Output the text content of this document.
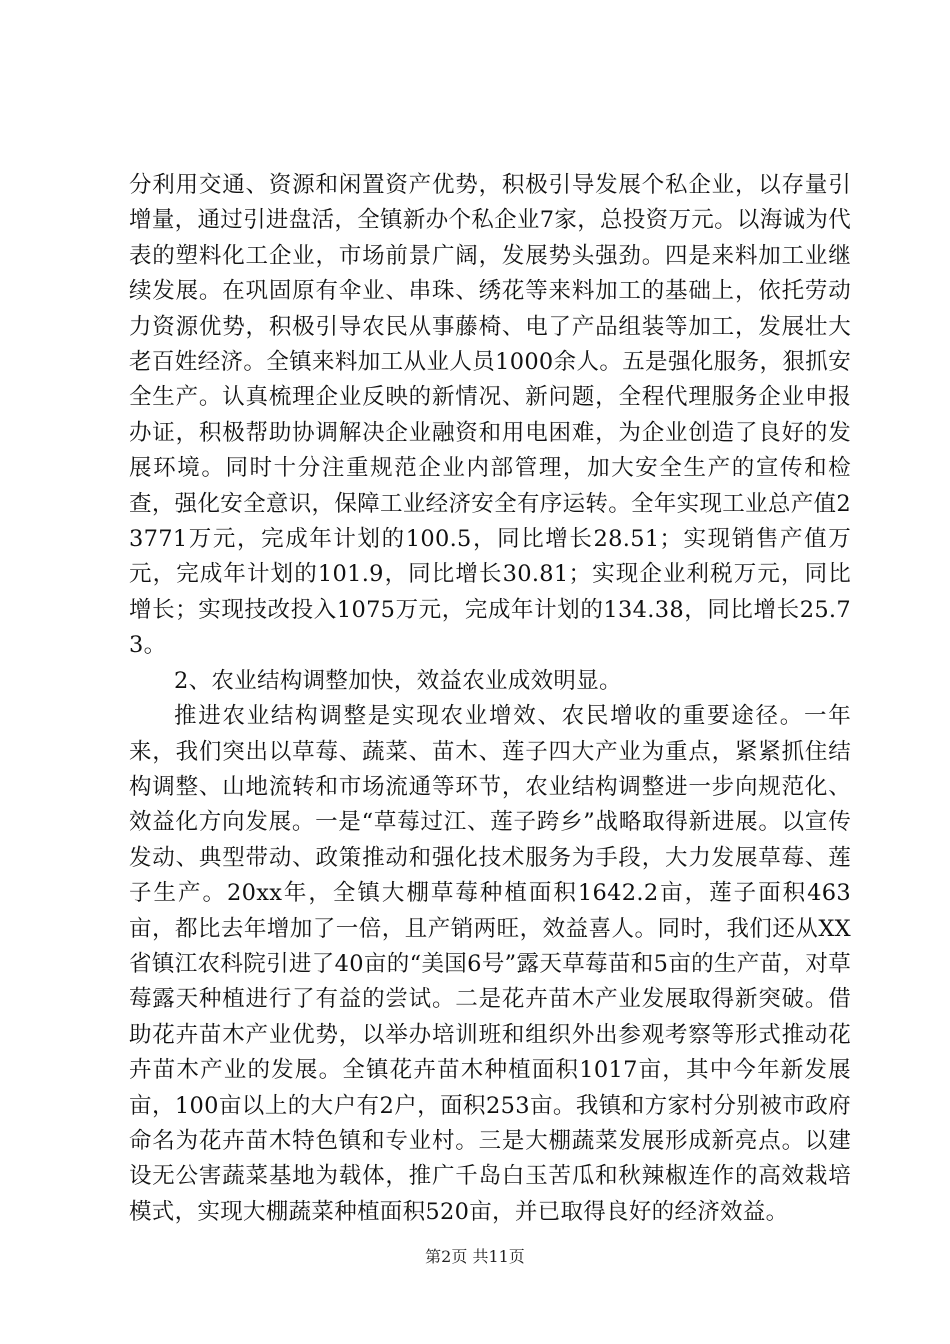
分利用交通、资源和闲置资产优势，积极引导发展个私企业，以存量引增量，通过引进盘活，全镇新办个私企业7家，总投资万元。以海诚为代表的塑料化工企业，市场前景广阔，发展势头强劲。四是来料加工业继续发展。在巩固原有伞业、串珠、绣花等来料加工的基础上，依托劳动力资源优势，积极引导农民从事藤椅、电了产品组装等加工，发展壮大老百姓经济。全镇来料加工从业人员1000余人。五是强化服务，狠抓安全生产。认真梳理企业反映的新情况、新问题，全程代理服务企业申报办证，积极帮助协调解决企业融资和用电困难，为企业创造了良好的发展环境。同时十分注重规范企业内部管理，加大安全生产的宣传和检查，强化安全意识，保障工业经济安全有序运转。全年实现工业总产值23771万元，完成年计划的100.5，同比增长28.51；实现销售产值万元，完成年计划的101.9，同比增长30.81；实现企业利税万元，同比增长；实现技改投入1075万元，完成年计划的134.38，同比增长25.73。

2、农业结构调整加快，效益农业成效明显。

推进农业结构调整是实现农业增效、农民增收的重要途径。一年来，我们突出以草莓、蔬菜、苗木、莲子四大产业为重点，紧紧抓住结构调整、山地流转和市场流通等环节，农业结构调整进一步向规范化、效益化方向发展。一是“草莓过江、莲子跨乡”战略取得新进展。以宣传发动、典型带动、政策推动和强化技术服务为手段，大力发展草莓、莲子生产。20xx年，全镇大棚草莓种植面积1642.2亩，莲子面积463亩，都比去年增加了一倍，且产销两旺，效益喜人。同时，我们还从XX省镇江农科院引进了40亩的“美国6号”露天草莓苗和5亩的生产苗，对草莓露天种植进行了有益的尝试。二是花卉苗木产业发展取得新突破。借助花卉苗木产业优势，以举办培训班和组织外出参观考察等形式推动花卉苗木产业的发展。全镇花卉苗木种植面积1017亩，其中今年新发展亩，100亩以上的大户有2户，面积253亩。我镇和方家村分别被市政府命名为花卉苗木特色镇和专业村。三是大棚蔬菜发展形成新亮点。以建设无公害蔬菜基地为载体，推广千岛白玉苦瓜和秋辣椒连作的高效栽培模式，实现大棚蔬菜种植面积520亩，并已取得良好的经济效益。

第2页 共11页
